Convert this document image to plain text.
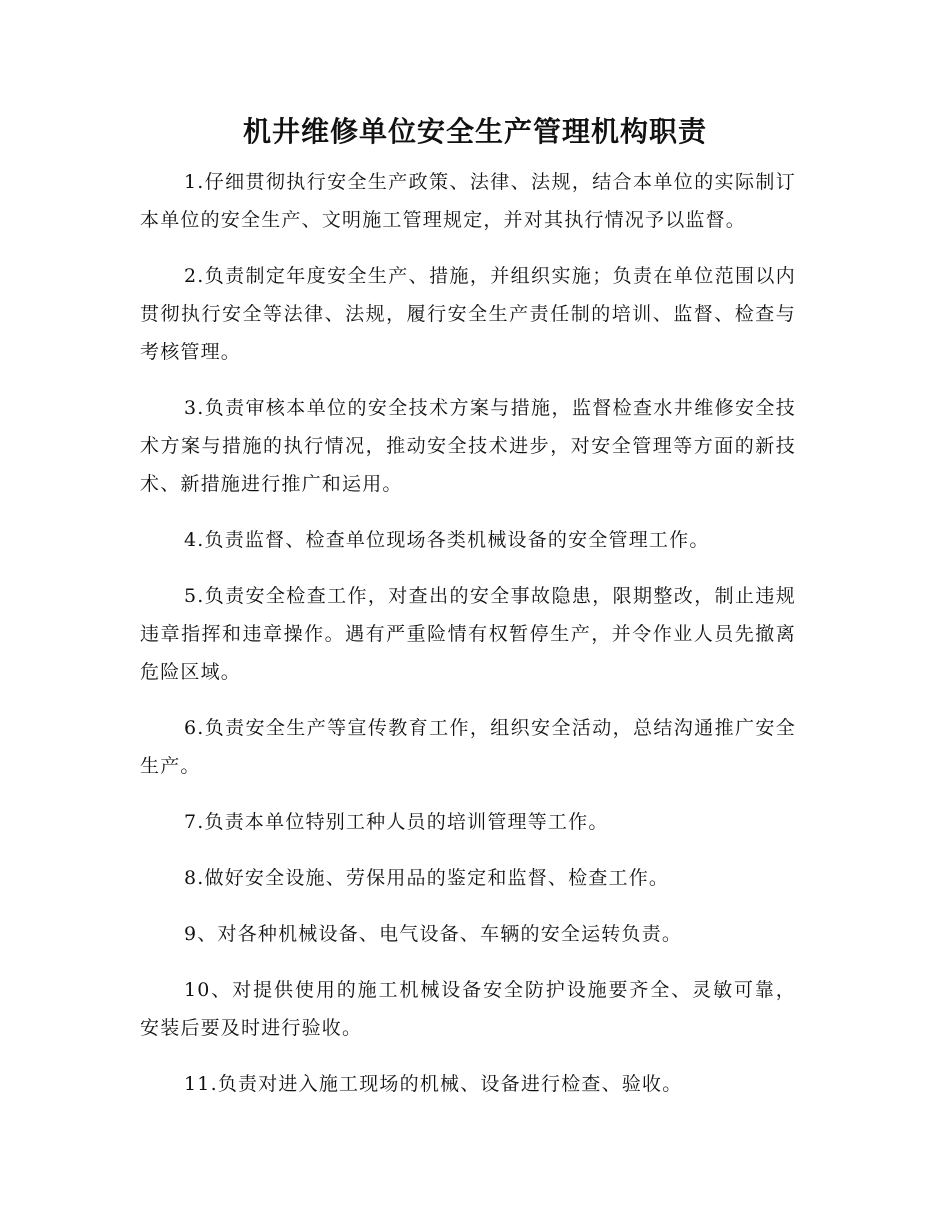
机井维修单位安全生产管理机构职责

1.仔细贯彻执行安全生产政策、法律、法规，结合本单位的实际制订本单位的安全生产、文明施工管理规定，并对其执行情况予以监督。

2.负责制定年度安全生产、措施，并组织实施；负责在单位范围以内贯彻执行安全等法律、法规，履行安全生产责任制的培训、监督、检查与考核管理。

3.负责审核本单位的安全技术方案与措施，监督检查水井维修安全技术方案与措施的执行情况，推动安全技术进步，对安全管理等方面的新技术、新措施进行推广和运用。

4.负责监督、检查单位现场各类机械设备的安全管理工作。

5.负责安全检查工作，对查出的安全事故隐患，限期整改，制止违规违章指挥和违章操作。遇有严重险情有权暂停生产，并令作业人员先撤离危险区域。

6.负责安全生产等宣传教育工作，组织安全活动，总结沟通推广安全生产。

7.负责本单位特别工种人员的培训管理等工作。

8.做好安全设施、劳保用品的鉴定和监督、检查工作。

9、对各种机械设备、电气设备、车辆的安全运转负责。

10、对提供使用的施工机械设备安全防护设施要齐全、灵敏可靠，安装后要及时进行验收。

11.负责对进入施工现场的机械、设备进行检查、验收。
